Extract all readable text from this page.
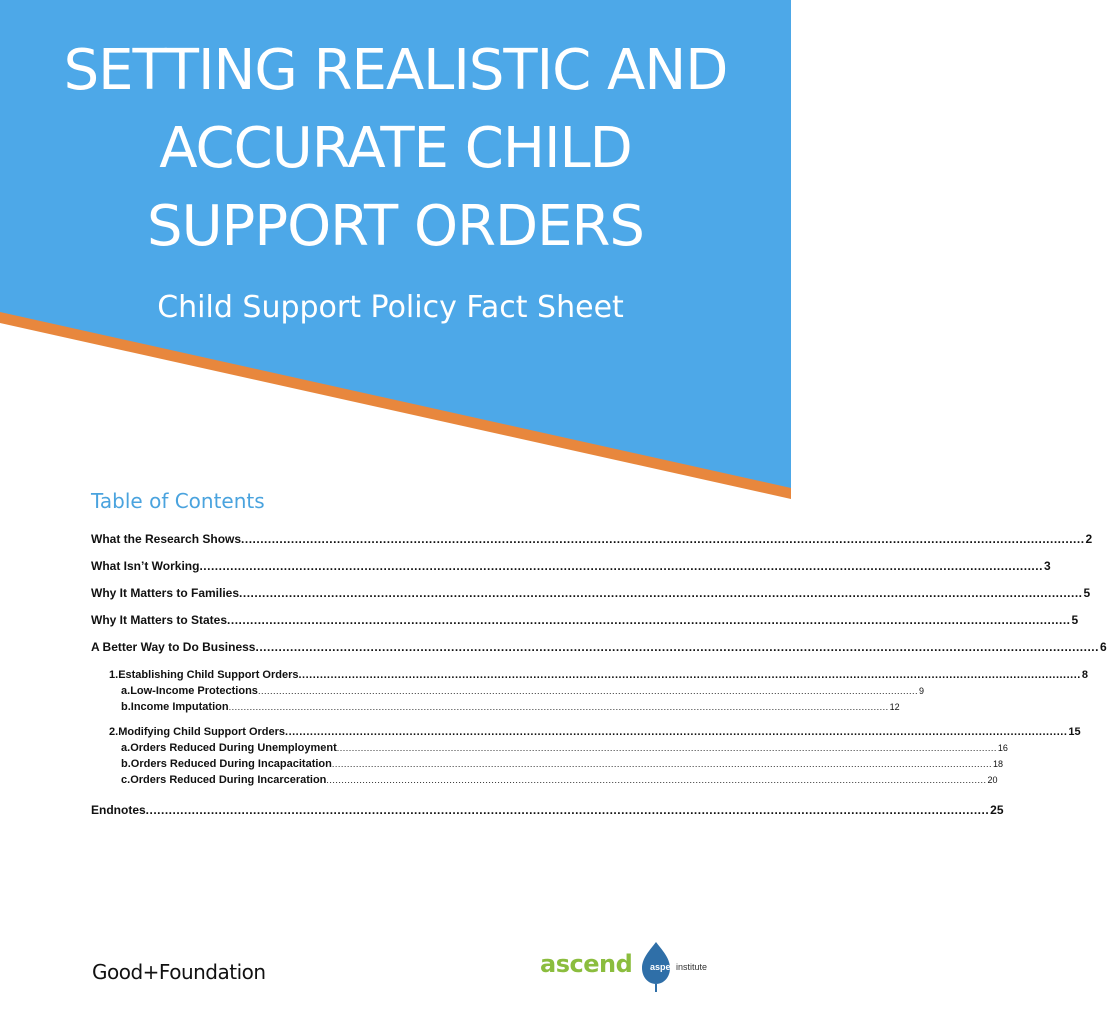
SETTING REALISTIC AND
ACCURATE CHILD
SUPPORT ORDERS
Child Support Policy Fact Sheet
Table of Contents
What the Research Shows ............................................................................................................................................................................................................................ 2
What Isn’t Working ............................................................................................................................................................................................................................ 3
Why It Matters to Families ............................................................................................................................................................................................................................ 5
Why It Matters to States ............................................................................................................................................................................................................................ 5
A Better Way to Do Business ............................................................................................................................................................................................................................ 6
1. Establishing Child Support Orders ............................................................................................................................................................................................................................ 8
a. Low-Income Protections ............................................................................................................................................................................................................................ 9
b. Income Imputation ............................................................................................................................................................................................................................ 12
2. Modifying Child Support Orders ............................................................................................................................................................................................................................ 15
a. Orders Reduced During Unemployment ............................................................................................................................................................................................................................ 16
b. Orders Reduced During Incapacitation ............................................................................................................................................................................................................................ 18
c. Orders Reduced During Incarceration ............................................................................................................................................................................................................................ 20
Endnotes ............................................................................................................................................................................................................................ 25
Good+Foundation	ascend aspeninstitute
